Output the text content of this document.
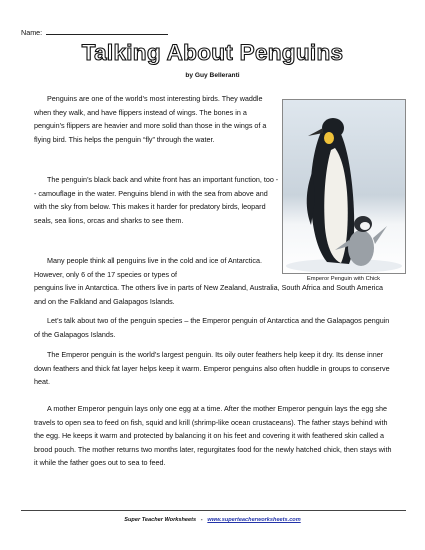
Name:
Talking About Penguins
by Guy Belleranti

Penguins are one of the world’s most interesting birds. They waddle when they walk, and have flippers instead of wings. The bones in a penguin’s flippers are heavier and more solid than those in the wings of a flying bird. This helps the penguin “fly” through the water.

The penguin’s black back and white front has an important function, too -- camouflage in the water. Penguins blend in with the sea from above and with the sky from below. This makes it harder for predatory birds, leopard seals, sea lions, orcas and sharks to see them.

Many people think all penguins live in the cold and ice of Antarctica. However, only 6 of the 17 species or types of

penguins live in Antarctica. The others live in parts of New Zealand, Australia, South Africa and South America and on the Falkland and Galapagos Islands.

Let’s talk about two of the penguin species – the Emperor penguin of Antarctica and the Galapagos penguin of the Galapagos Islands.

The Emperor penguin is the world’s largest penguin. Its oily outer feathers help keep it dry. Its dense inner down feathers and thick fat layer helps keep it warm. Emperor penguins also often huddle in groups to conserve heat.

A mother Emperor penguin lays only one egg at a time. After the mother Emperor penguin lays the egg she travels to open sea to feed on fish, squid and krill (shrimp-like ocean crustaceans). The father stays behind with the egg. He keeps it warm and protected by balancing it on his feet and covering it with feathered skin called a brood pouch. The mother returns two months later, regurgitates food for the newly hatched chick, then stays with it while the father goes out to sea to feed.

Emperor Penguin with Chick
Super Teacher Worksheets - www.superteacherworksheets.com
